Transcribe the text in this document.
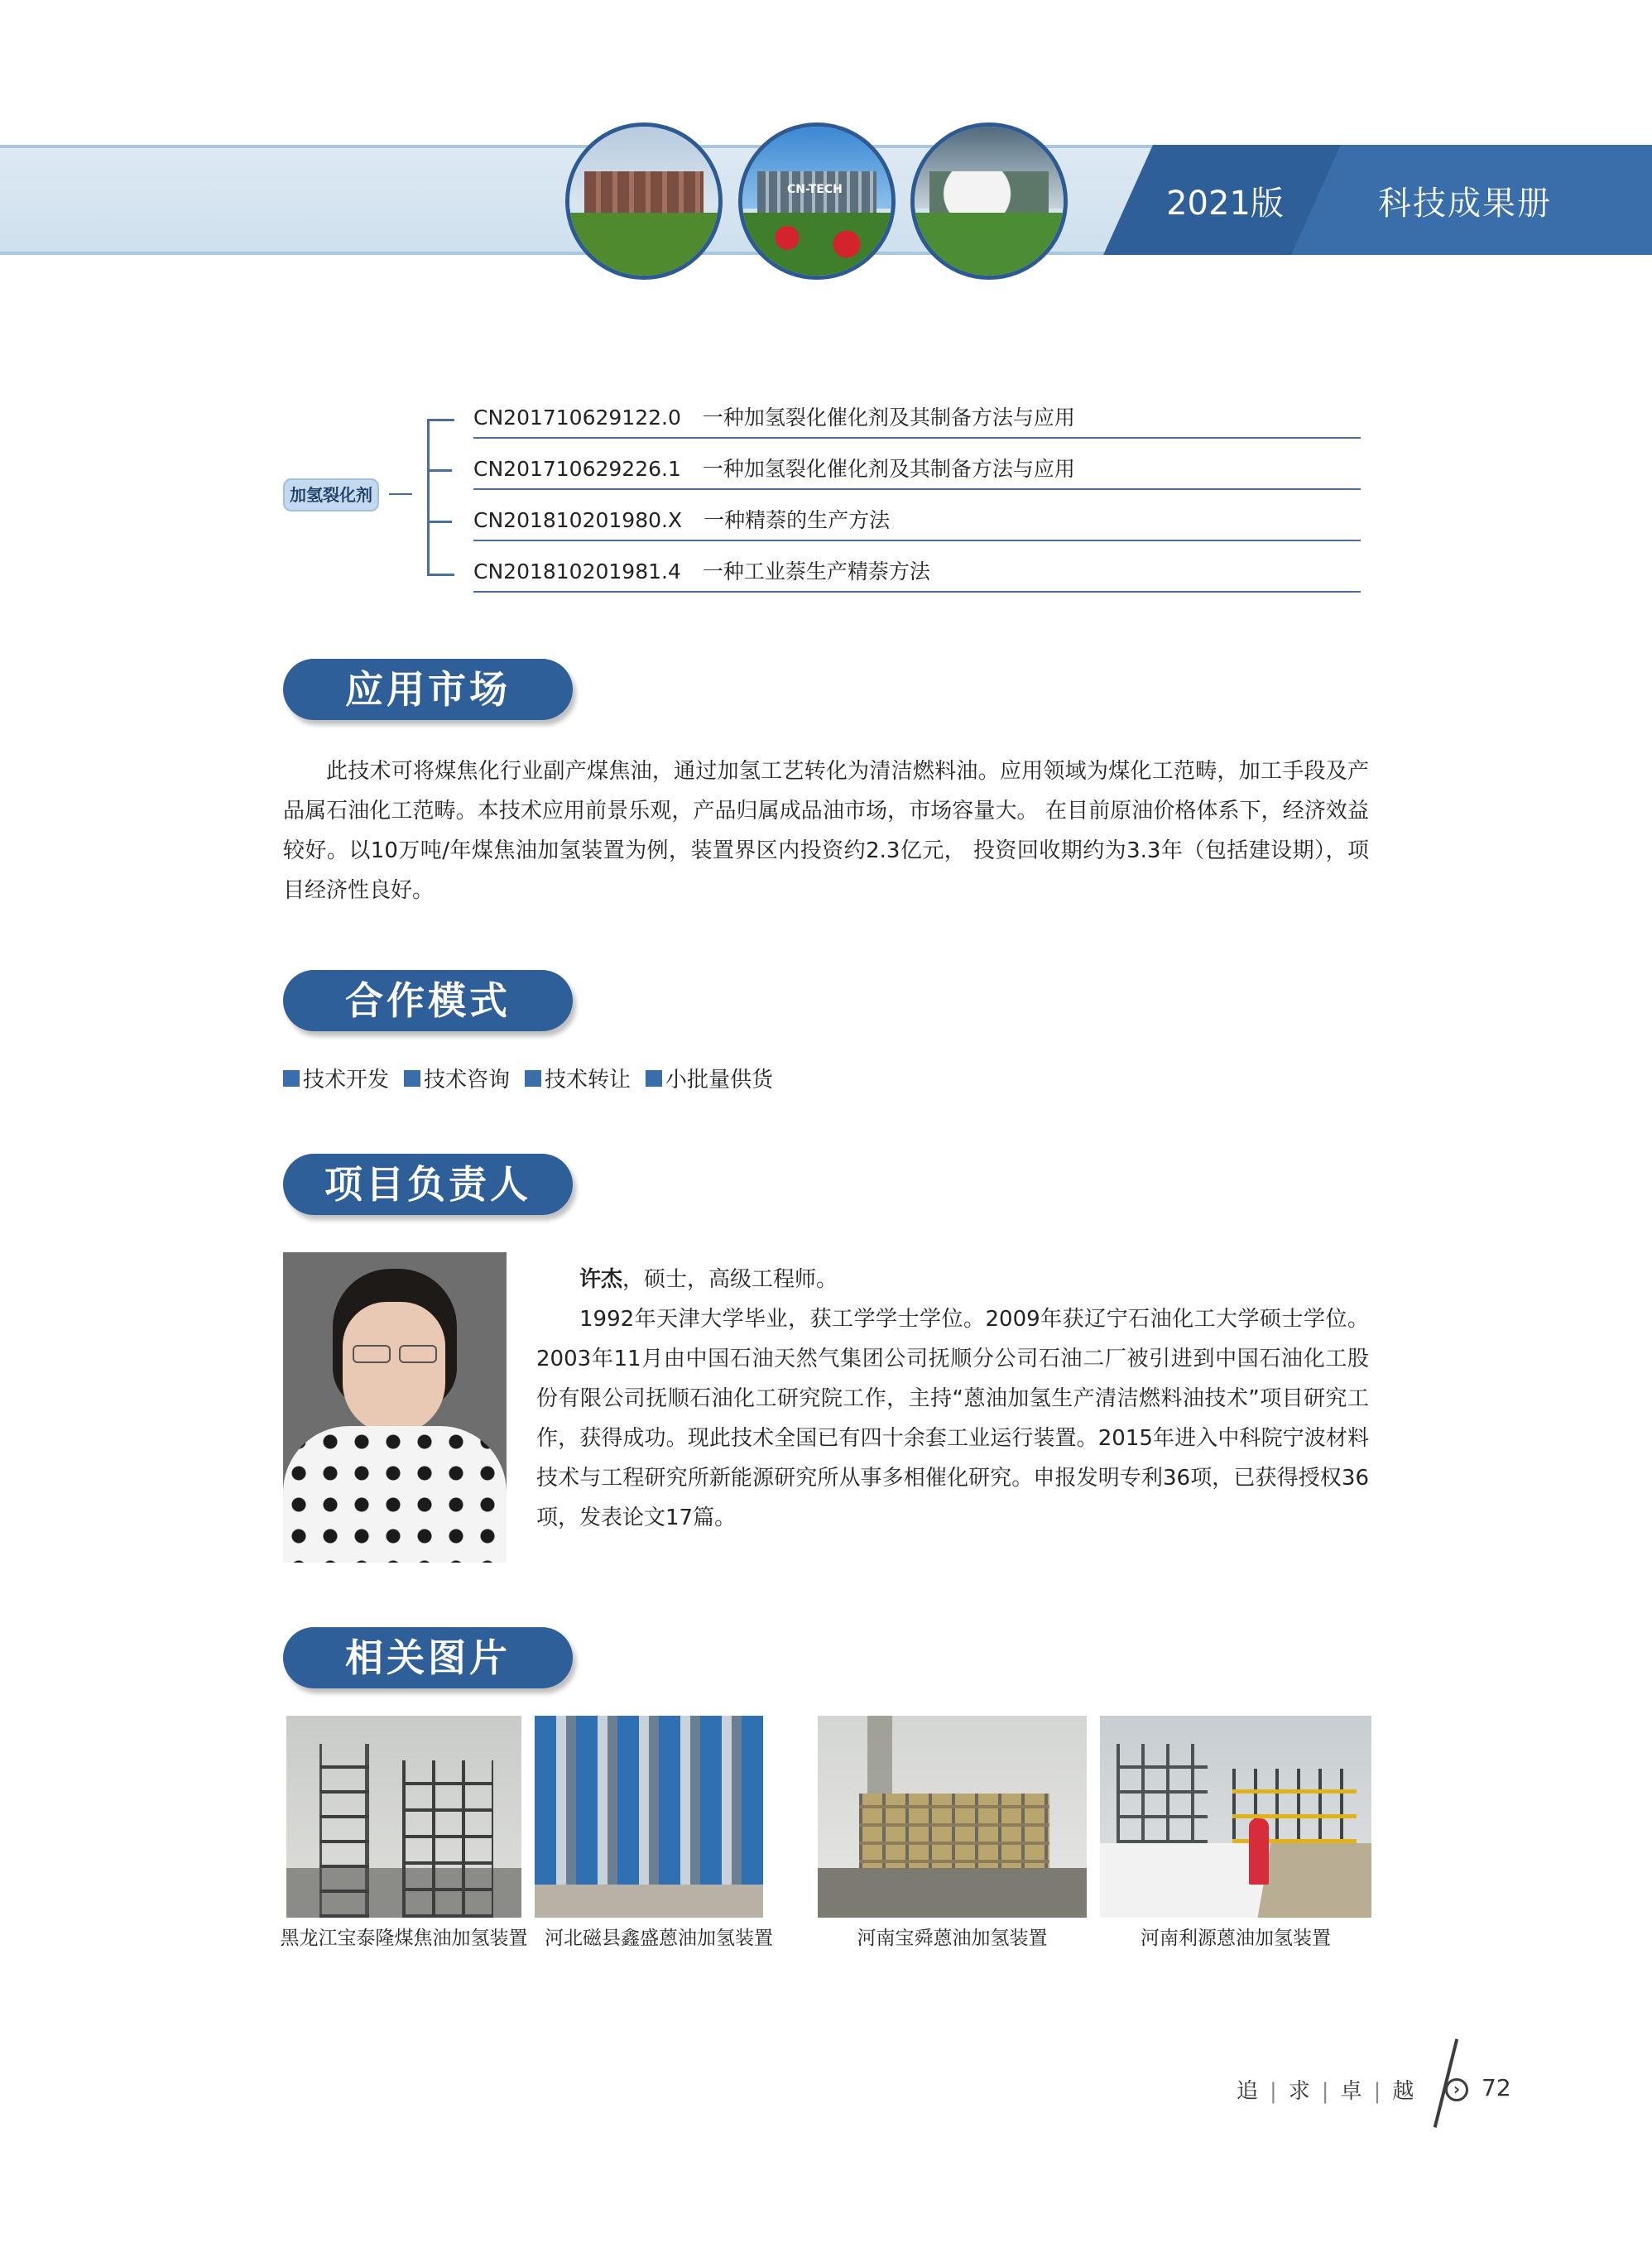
2021版	科技成果册
CN-TECH
加氢裂化剂
CN201710629122.0 一种加氢裂化催化剂及其制备方法与应用
CN201710629226.1 一种加氢裂化催化剂及其制备方法与应用
CN201810201980.X 一种精萘的生产方法
CN201810201981.4 一种工业萘生产精萘方法
应用市场

此技术可将煤焦化行业副产煤焦油，通过加氢工艺转化为清洁燃料油。应用领域为煤化工范畴，加工手段及产品属石油化工范畴。本技术应用前景乐观，产品归属成品油市场，市场容量大。 在目前原油价格体系下，经济效益较好。以10万吨/年煤焦油加氢装置为例，装置界区内投资约2.3亿元， 投资回收期约为3.3年（包括建设期），项目经济性良好。

合作模式
技术开发 技术咨询 技术转让 小批量供货
项目负责人

许杰，硕士，高级工程师。

1992年天津大学毕业，获工学学士学位。2009年获辽宁石油化工大学硕士学位。2003年11月由中国石油天然气集团公司抚顺分公司石油二厂被引进到中国石油化工股份有限公司抚顺石油化工研究院工作，主持“蒽油加氢生产清洁燃料油技术”项目研究工作，获得成功。现此技术全国已有四十余套工业运行装置。2015年进入中科院宁波材料技术与工程研究所新能源研究所从事多相催化研究。申报发明专利36项，已获得授权36项，发表论文17篇。

相关图片
黑龙江宝泰隆煤焦油加氢装置 河北磁县鑫盛蒽油加氢装置	河南宝舜蒽油加氢装置	河南利源蒽油加氢装置
追 | 求 | 卓 | 越	› 72
